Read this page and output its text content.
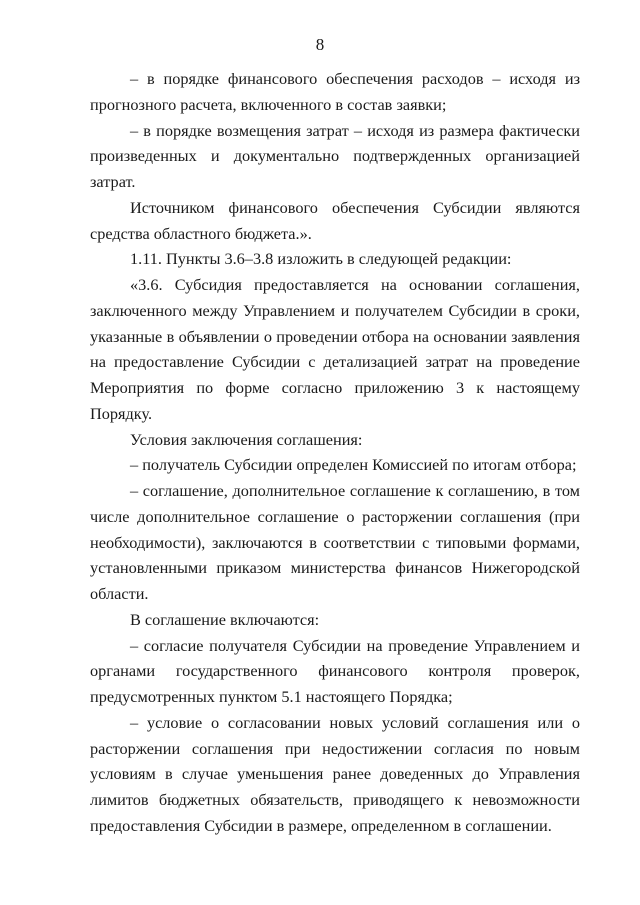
8

– в порядке финансового обеспечения расходов – исходя из прогнозного расчета, включенного в состав заявки;

– в порядке возмещения затрат – исходя из размера фактически произведенных и документально подтвержденных организацией затрат.

Источником финансового обеспечения Субсидии являются средства областного бюджета.».

1.11. Пункты 3.6–3.8 изложить в следующей редакции:

«3.6. Субсидия предоставляется на основании соглашения, заключенного между Управлением и получателем Субсидии в сроки, указанные в объявлении о проведении отбора на основании заявления на предоставление Субсидии с детализацией затрат на проведение Мероприятия по форме согласно приложению 3 к настоящему Порядку.

Условия заключения соглашения:

– получатель Субсидии определен Комиссией по итогам отбора;

– соглашение, дополнительное соглашение к соглашению, в том числе дополнительное соглашение о расторжении соглашения (при необходимости), заключаются в соответствии с типовыми формами, установленными приказом министерства финансов Нижегородской области.

В соглашение включаются:

– согласие получателя Субсидии на проведение Управлением и органами государственного финансового контроля проверок, предусмотренных пунктом 5.1 настоящего Порядка;

– условие о согласовании новых условий соглашения или о расторжении соглашения при недостижении согласия по новым условиям в случае уменьшения ранее доведенных до Управления лимитов бюджетных обязательств, приводящего к невозможности предоставления Субсидии в размере, определенном в соглашении.
